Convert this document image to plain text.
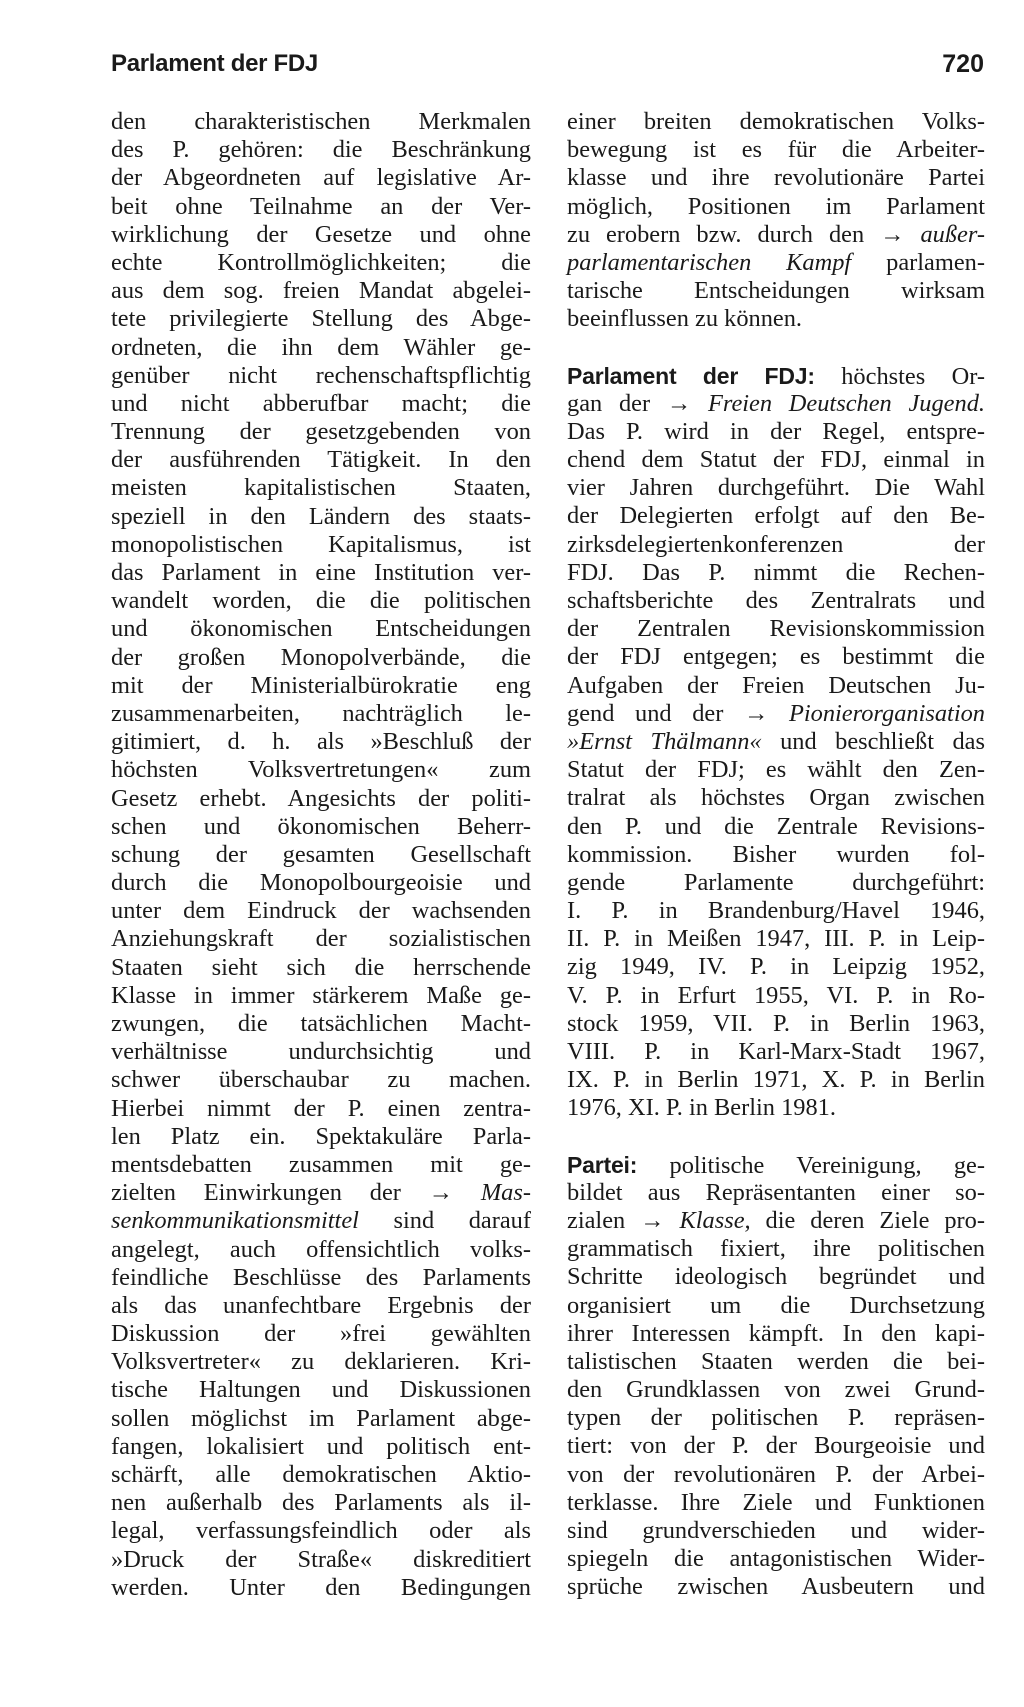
Parlament der FDJ	720
den charakteristischen Merkmalen
des P. gehören: die Beschränkung
der Abgeordneten auf legislative Ar-
beit ohne Teilnahme an der Ver-
wirklichung der Gesetze und ohne
echte Kontrollmöglichkeiten; die
aus dem sog. freien Mandat abgelei-
tete privilegierte Stellung des Abge-
ordneten, die ihn dem Wähler ge-
genüber nicht rechenschaftspflichtig
und nicht abberufbar macht; die
Trennung der gesetzgebenden von
der ausführenden Tätigkeit. In den
meisten kapitalistischen Staaten,
speziell in den Ländern des staats-
monopolistischen Kapitalismus, ist
das Parlament in eine Institution ver-
wandelt worden, die die politischen
und ökonomischen Entscheidungen
der großen Monopolverbände, die
mit der Ministerialbürokratie eng
zusammenarbeiten, nachträglich le-
gitimiert, d. h. als »Beschluß der
höchsten Volksvertretungen« zum
Gesetz erhebt. Angesichts der politi-
schen und ökonomischen Beherr-
schung der gesamten Gesellschaft
durch die Monopolbourgeoisie und
unter dem Eindruck der wachsenden
Anziehungskraft der sozialistischen
Staaten sieht sich die herrschende
Klasse in immer stärkerem Maße ge-
zwungen, die tatsächlichen Macht-
verhältnisse undurchsichtig und
schwer überschaubar zu machen.
Hierbei nimmt der P. einen zentra-
len Platz ein. Spektakuläre Parla-
mentsdebatten zusammen mit ge-
zielten Einwirkungen der → Mas-
senkommunikationsmittel sind darauf
angelegt, auch offensichtlich volks-
feindliche Beschlüsse des Parlaments
als das unanfechtbare Ergebnis der
Diskussion der »frei gewählten
Volksvertreter« zu deklarieren. Kri-
tische Haltungen und Diskussionen
sollen möglichst im Parlament abge-
fangen, lokalisiert und politisch ent-
schärft, alle demokratischen Aktio-
nen außerhalb des Parlaments als il-
legal, verfassungsfeindlich oder als
»Druck der Straße« diskreditiert
werden. Unter den Bedingungen
einer breiten demokratischen Volks-
bewegung ist es für die Arbeiter-
klasse und ihre revolutionäre Partei
möglich, Positionen im Parlament
zu erobern bzw. durch den → außer-
parlamentarischen Kampf parlamen-
tarische Entscheidungen wirksam
beeinflussen zu können.
Parlament der FDJ: höchstes Or-
gan der → Freien Deutschen Jugend.
Das P. wird in der Regel, entspre-
chend dem Statut der FDJ, einmal in
vier Jahren durchgeführt. Die Wahl
der Delegierten erfolgt auf den Be-
zirksdelegiertenkonferenzen der
FDJ. Das P. nimmt die Rechen-
schaftsberichte des Zentralrats und
der Zentralen Revisionskommission
der FDJ entgegen; es bestimmt die
Aufgaben der Freien Deutschen Ju-
gend und der → Pionierorganisation
»Ernst Thälmann« und beschließt das
Statut der FDJ; es wählt den Zen-
tralrat als höchstes Organ zwischen
den P. und die Zentrale Revisions-
kommission. Bisher wurden fol-
gende Parlamente durchgeführt:
I. P. in Brandenburg/Havel 1946,
II. P. in Meißen 1947, III. P. in Leip-
zig 1949, IV. P. in Leipzig 1952,
V. P. in Erfurt 1955, VI. P. in Ro-
stock 1959, VII. P. in Berlin 1963,
VIII. P. in Karl-Marx-Stadt 1967,
IX. P. in Berlin 1971, X. P. in Berlin
1976, XI. P. in Berlin 1981.
Partei: politische Vereinigung, ge-
bildet aus Repräsentanten einer so-
zialen → Klasse, die deren Ziele pro-
grammatisch fixiert, ihre politischen
Schritte ideologisch begründet und
organisiert um die Durchsetzung
ihrer Interessen kämpft. In den kapi-
talistischen Staaten werden die bei-
den Grundklassen von zwei Grund-
typen der politischen P. repräsen-
tiert: von der P. der Bourgeoisie und
von der revolutionären P. der Arbei-
terklasse. Ihre Ziele und Funktionen
sind grundverschieden und wider-
spiegeln die antagonistischen Wider-
sprüche zwischen Ausbeutern und
